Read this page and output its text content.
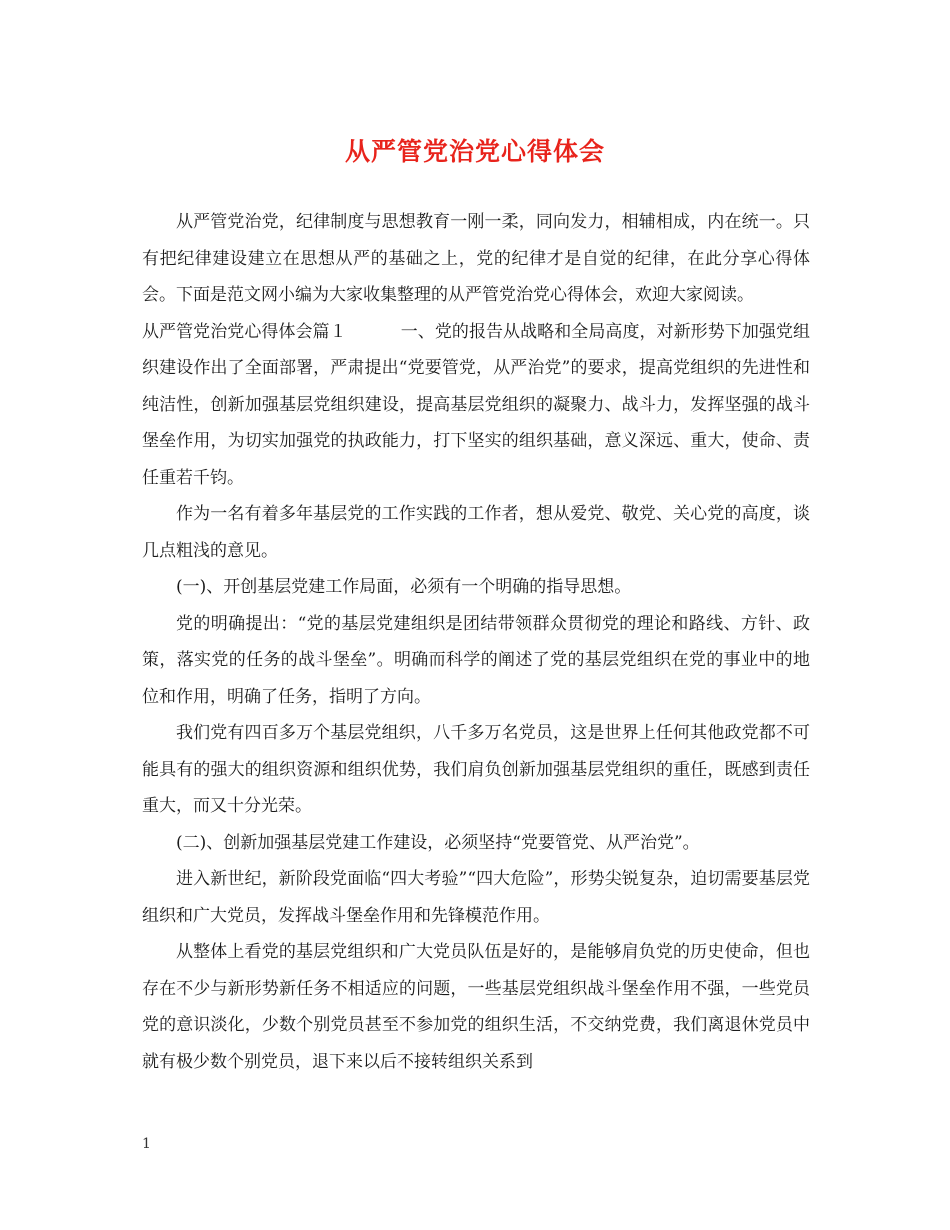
从严管党治党心得体会

从严管党治党，纪律制度与思想教育一刚一柔，同向发力，相辅相成，内在统一。只有把纪律建设建立在思想从严的基础之上，党的纪律才是自觉的纪律，在此分享心得体会。下面是范文网小编为大家收集整理的从严管党治党心得体会，欢迎大家阅读。

从严管党治党心得体会篇１	一、党的报告从战略和全局高度，对新形势下加强党组织建设作出了全面部署，严肃提出“党要管党，从严治党”的要求，提高党组织的先进性和纯洁性，创新加强基层党组织建设，提高基层党组织的凝聚力、战斗力，发挥坚强的战斗堡垒作用，为切实加强党的执政能力，打下坚实的组织基础，意义深远、重大，使命、责任重若千钧。

作为一名有着多年基层党的工作实践的工作者，想从爱党、敬党、关心党的高度，谈几点粗浅的意见。

(一)、开创基层党建工作局面，必须有一个明确的指导思想。

党的明确提出：“党的基层党建组织是团结带领群众贯彻党的理论和路线、方针、政策，落实党的任务的战斗堡垒”。明确而科学的阐述了党的基层党组织在党的事业中的地位和作用，明确了任务，指明了方向。

我们党有四百多万个基层党组织，八千多万名党员，这是世界上任何其他政党都不可能具有的强大的组织资源和组织优势，我们肩负创新加强基层党组织的重任，既感到责任重大，而又十分光荣。

(二)、创新加强基层党建工作建设，必须坚持“党要管党、从严治党”。

进入新世纪，新阶段党面临“四大考验”“四大危险”，形势尖锐复杂，迫切需要基层党组织和广大党员，发挥战斗堡垒作用和先锋模范作用。

从整体上看党的基层党组织和广大党员队伍是好的，是能够肩负党的历史使命，但也存在不少与新形势新任务不相适应的问题，一些基层党组织战斗堡垒作用不强，一些党员党的意识淡化，少数个别党员甚至不参加党的组织生活，不交纳党费，我们离退休党员中就有极少数个别党员，退下来以后不接转组织关系到

1
